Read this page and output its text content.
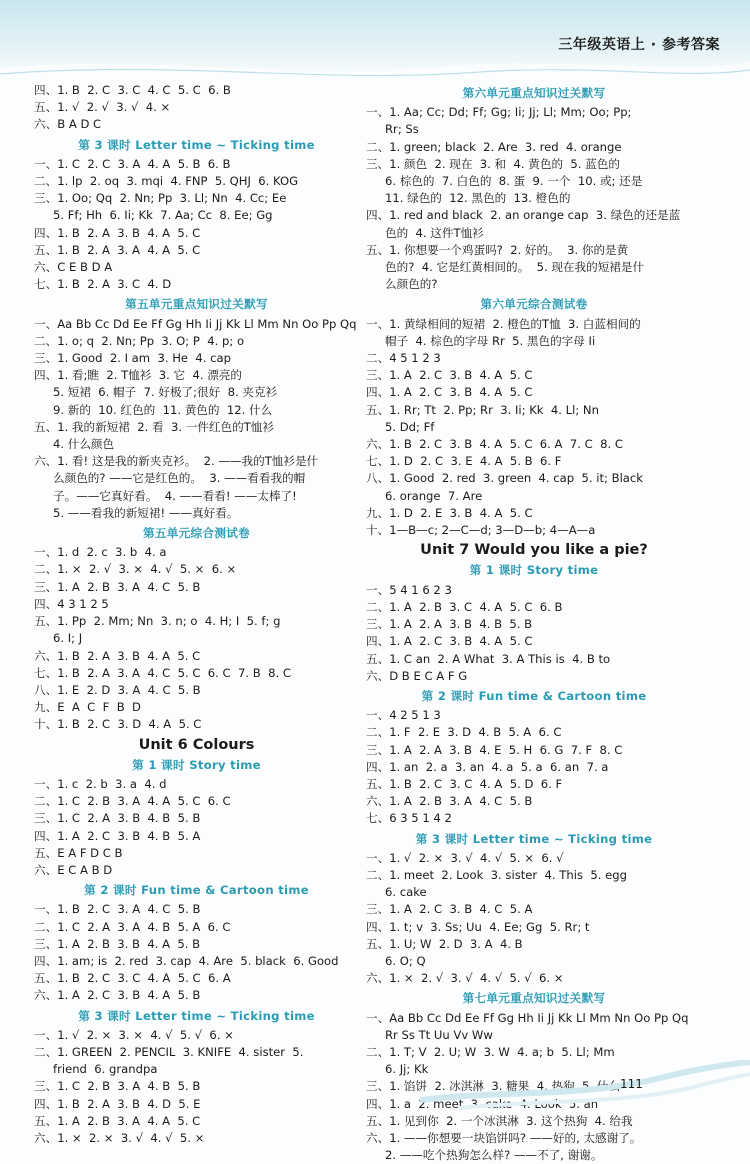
三年级英语上 · 参考答案
四、1. B  2. C  3. C  4. C  5. C  6. B
五、1. √  2. √  3. √  4. ×
六、B A D C
第 3 课时 Letter time ~ Ticking time
一、1. C  2. C  3. A  4. A  5. B  6. B
二、1. lp  2. oq  3. mqi  4. FNP  5. QHJ  6. KOG
三、1. Oo; Qq  2. Nn; Pp  3. Ll; Nn  4. Cc; Ee
5. Ff; Hh  6. Ii; Kk  7. Aa; Cc  8. Ee; Gg
四、1. B  2. A  3. B  4. A  5. C
五、1. B  2. A  3. A  4. A  5. C
六、C E B D A
七、1. B  2. A  3. C  4. D
第五单元重点知识过关默写
一、Aa Bb Cc Dd Ee Ff Gg Hh Ii Jj Kk Ll Mm Nn Oo Pp Qq
二、1. o; q  2. Nn; Pp  3. O; P  4. p; o
三、1. Good  2. I am  3. He  4. cap
四、1. 看;瞧  2. T恤衫  3. 它  4. 漂亮的
5. 短裙  6. 帽子  7. 好极了;很好  8. 夹克衫
9. 新的  10. 红色的  11. 黄色的  12. 什么
五、1. 我的新短裙  2. 看  3. 一件红色的T恤衫
4. 什么颜色
六、1. 看! 这是我的新夹克衫。  2. ——我的T恤衫是什
么颜色的? ——它是红色的。  3. ——看看我的帽
子。——它真好看。  4. ——看看! ——太棒了!
5. ——看我的新短裙! ——真好看。
第五单元综合测试卷
一、1. d  2. c  3. b  4. a
二、1. ×  2. √  3. ×  4. √  5. ×  6. ×
三、1. A  2. B  3. A  4. C  5. B
四、4 3 1 2 5
五、1. Pp  2. Mm; Nn  3. n; o  4. H; I  5. f; g
6. I; J
六、1. B  2. A  3. B  4. A  5. C
七、1. B  2. A  3. A  4. C  5. C  6. C  7. B  8. C
八、1. E  2. D  3. A  4. C  5. B
九、E  A  C  F  B  D
十、1. B  2. C  3. D  4. A  5. C
Unit 6 Colours
第 1 课时 Story time
一、1. c  2. b  3. a  4. d
二、1. C  2. B  3. A  4. A  5. C  6. C
三、1. C  2. A  3. B  4. B  5. B
四、1. A  2. C  3. B  4. B  5. A
五、E A F D C B
六、E C A B D
第 2 课时 Fun time & Cartoon time
一、1. B  2. C  3. A  4. C  5. B
二、1. C  2. A  3. A  4. B  5. A  6. C
三、1. A  2. B  3. B  4. A  5. B
四、1. am; is  2. red  3. cap  4. Are  5. black  6. Good
五、1. B  2. C  3. C  4. A  5. C  6. A
六、1. A  2. C  3. B  4. A  5. B
第 3 课时 Letter time ~ Ticking time
一、1. √  2. ×  3. ×  4. √  5. √  6. ×
二、1. GREEN  2. PENCIL  3. KNIFE  4. sister  5.
friend  6. grandpa
三、1. C  2. B  3. A  4. B  5. B
四、1. B  2. A  3. B  4. D  5. E
五、1. A  2. B  3. A  4. A  5. C
六、1. ×  2. ×  3. √  4. √  5. ×
第六单元重点知识过关默写
一、1. Aa; Cc; Dd; Ff; Gg; Ii; Jj; Ll; Mm; Oo; Pp;
Rr; Ss
二、1. green; black  2. Are  3. red  4. orange
三、1. 颜色  2. 现在  3. 和  4. 黄色的  5. 蓝色的
6. 棕色的  7. 白色的  8. 蛋  9. 一个  10. 或; 还是
11. 绿色的  12. 黑色的  13. 橙色的
四、1. red and black  2. an orange cap  3. 绿色的还是蓝
色的  4. 这件T恤衫
五、1. 你想要一个鸡蛋吗?  2. 好的。  3. 你的是黄
色的?  4. 它是红黄相间的。  5. 现在我的短裙是什
么颜色的?
第六单元综合测试卷
一、1. 黄绿相间的短裙  2. 橙色的T恤  3. 白蓝相间的
帽子  4. 棕色的字母 Rr  5. 黑色的字母 Ii
二、4 5 1 2 3
三、1. A  2. C  3. B  4. A  5. C
四、1. A  2. C  3. B  4. A  5. C
五、1. Rr; Tt  2. Pp; Rr  3. Ii; Kk  4. Ll; Nn
5. Dd; Ff
六、1. B  2. C  3. B  4. A  5. C  6. A  7. C  8. C
七、1. D  2. C  3. E  4. A  5. B  6. F
八、1. Good  2. red  3. green  4. cap  5. it; Black
6. orange  7. Are
九、1. D  2. E  3. B  4. A  5. C
十、1—B—c; 2—C—d; 3—D—b; 4—A—a
Unit 7 Would you like a pie?
第 1 课时 Story time
一、5 4 1 6 2 3
二、1. A  2. B  3. C  4. A  5. C  6. B
三、1. A  2. A  3. B  4. B  5. B
四、1. A  2. C  3. B  4. A  5. C
五、1. C an  2. A What  3. A This is  4. B to
六、D B E C A F G
第 2 课时 Fun time & Cartoon time
一、4 2 5 1 3
二、1. F  2. E  3. D  4. B  5. A  6. C
三、1. A  2. A  3. B  4. E  5. H  6. G  7. F  8. C
四、1. an  2. a  3. an  4. a  5. a  6. an  7. a
五、1. B  2. C  3. C  4. A  5. D  6. F
六、1. A  2. B  3. A  4. C  5. B
七、6 3 5 1 4 2
第 3 课时 Letter time ~ Ticking time
一、1. √  2. ×  3. √  4. √  5. ×  6. √
二、1. meet  2. Look  3. sister  4. This  5. egg
6. cake
三、1. A  2. C  3. B  4. C  5. A
四、1. t; v  3. Ss; Uu  4. Ee; Gg  5. Rr; t
五、1. U; W  2. D  3. A  4. B
6. O; Q
六、1. ×  2. √  3. √  4. √  5. √  6. ×
第七单元重点知识过关默写
一、Aa Bb Cc Dd Ee Ff Gg Hh Ii Jj Kk Ll Mm Nn Oo Pp Qq
Rr Ss Tt Uu Vv Ww
二、1. T; V  2. U; W  3. W  4. a; b  5. Ll; Mm
6. Jj; Kk
三、1. 馅饼  2. 冰淇淋  3. 糖果  4. 热狗  5. 什么
四、1. a  2. meet  3. cake  4. Look  5. an
五、1. 见到你  2. 一个冰淇淋  3. 这个热狗  4. 给我
六、1. ——你想要一块馅饼吗? ——好的, 太感谢了。
2. ——吃个热狗怎么样? ——不了, 谢谢。
111
